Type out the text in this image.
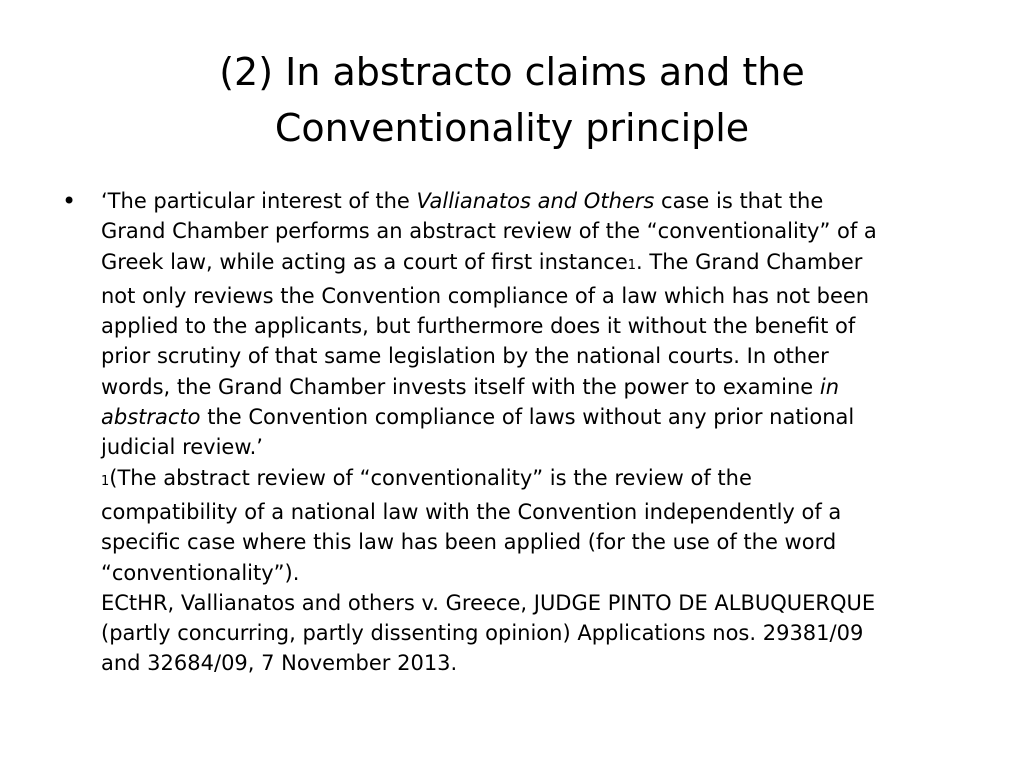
(2) In abstracto claims and the
Conventionality principle
• ‘The particular interest of the Vallianatos and Others case is that the
Grand Chamber performs an abstract review of the “conventionality” of a
Greek law, while acting as a court of first instance1. The Grand Chamber
not only reviews the Convention compliance of a law which has not been
applied to the applicants, but furthermore does it without the benefit of
prior scrutiny of that same legislation by the national courts. In other
words, the Grand Chamber invests itself with the power to examine in
abstracto the Convention compliance of laws without any prior national
judicial review.’
1(The abstract review of “conventionality” is the review of the
compatibility of a national law with the Convention independently of a
specific case where this law has been applied (for the use of the word
“conventionality”).
ECtHR, Vallianatos and others v. Greece, JUDGE PINTO DE ALBUQUERQUE
(partly concurring, partly dissenting opinion) Applications nos. 29381/09
and 32684/09, 7 November 2013.
